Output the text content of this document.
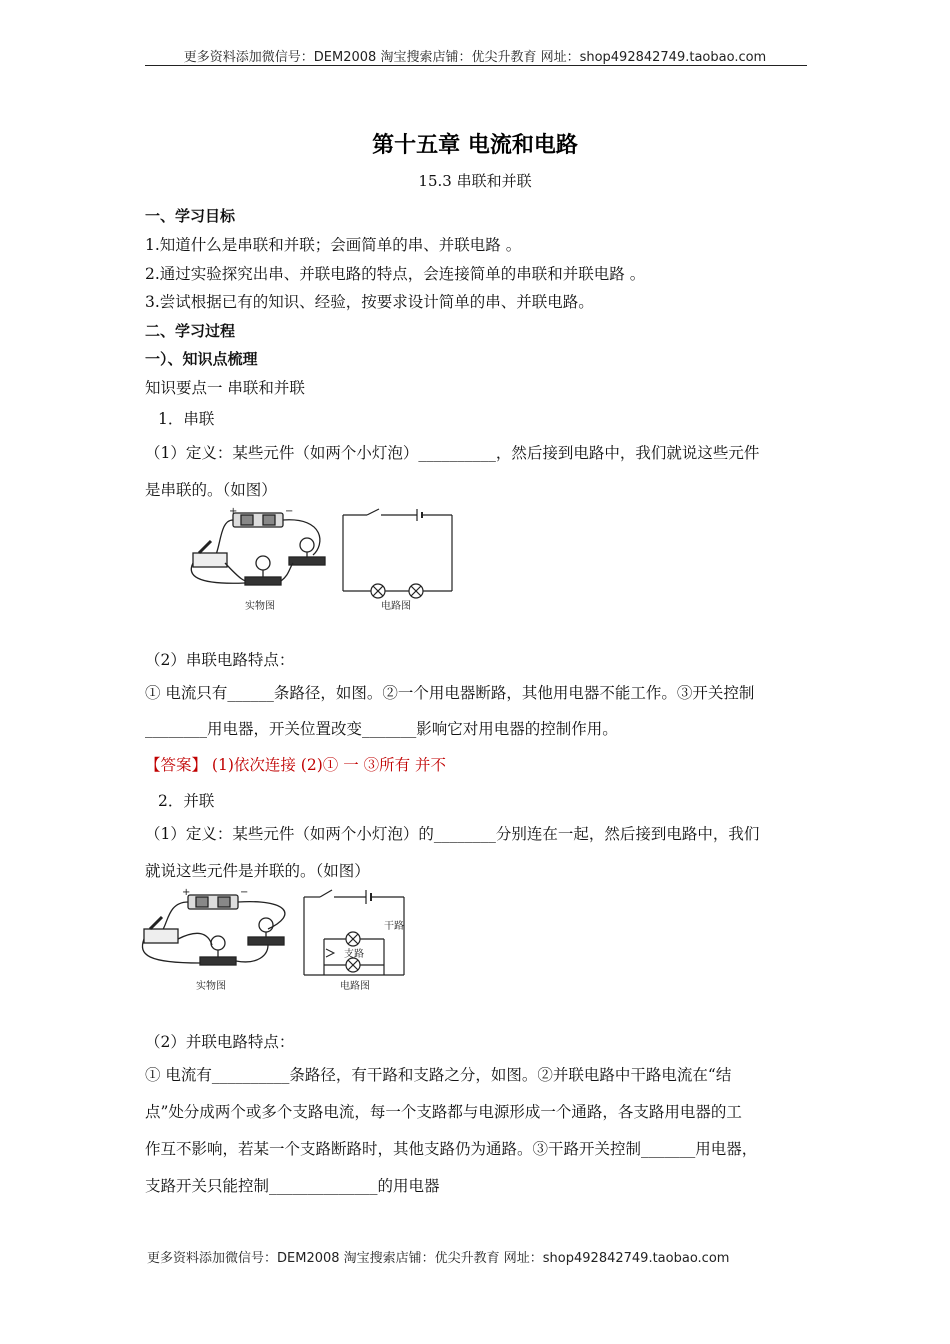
更多资料添加微信号：DEM2008 淘宝搜索店铺：优尖升教育 网址：shop492842749.taobao.com
第十五章 电流和电路
15.3 串联和并联
一、学习目标
1.知道什么是串联和并联；会画简单的串、并联电路 。
2.通过实验探究出串、并联电路的特点，会连接简单的串联和并联电路 。
3.尝试根据已有的知识、经验，按要求设计简单的串、并联电路。
二、学习过程
一）、知识点梳理
知识要点一 串联和并联
1．串联
（1）定义：某些元件（如两个小灯泡）__________，然后接到电路中，我们就说这些元件
是串联的。（如图）
+	−
实物图	电路图
（2）串联电路特点：
① 电流只有______条路径，如图。②一个用电器断路，其他用电器不能工作。③开关控制
________用电器，开关位置改变_______影响它对用电器的控制作用。
【答案】 (1)依次连接 (2)① 一 ③所有 并不
2．并联
（1）定义：某些元件（如两个小灯泡）的________分别连在一起，然后接到电路中，我们
就说这些元件是并联的。（如图）
+	−
实物图
干路
支路
电路图
（2）并联电路特点：
① 电流有__________条路径，有干路和支路之分，如图。②并联电路中干路电流在“结
点”处分成两个或多个支路电流，每一个支路都与电源形成一个通路，各支路用电器的工
作互不影响，若某一个支路断路时，其他支路仍为通路。③干路开关控制_______用电器，
支路开关只能控制______________的用电器
更多资料添加微信号：DEM2008 淘宝搜索店铺：优尖升教育 网址：shop492842749.taobao.com
